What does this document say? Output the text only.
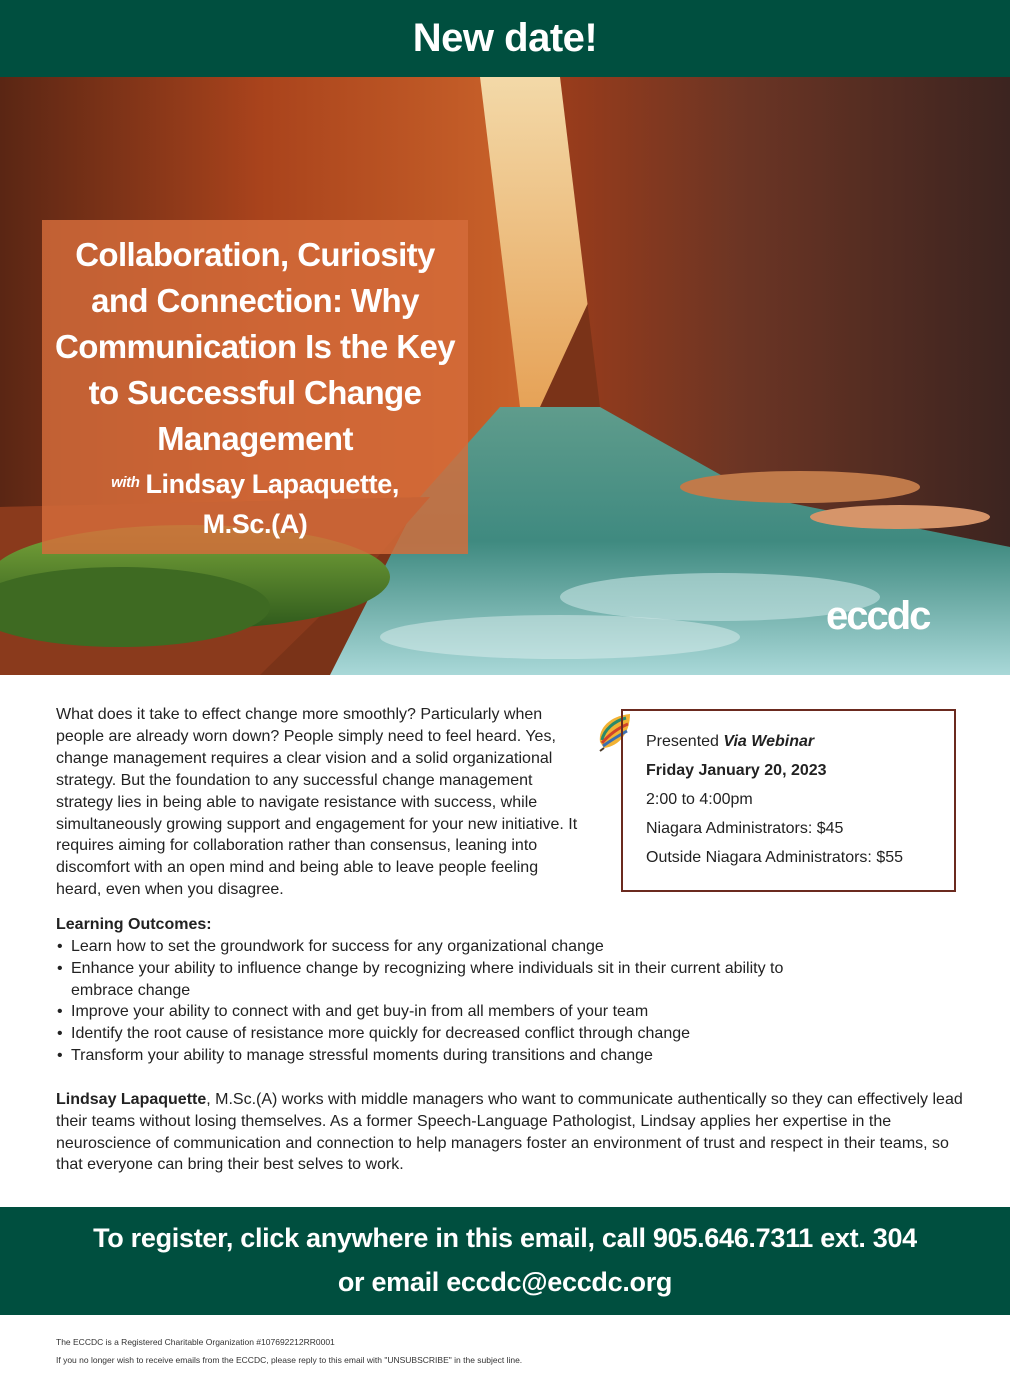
New date!
Collaboration, Curiosity and Connection: Why Communication Is the Key to Successful Change Management
$^{with}$ Lindsay Lapaquette,
M.Sc.(A)
eccdc
What does it take to effect change more smoothly? Particularly when people are already worn down? People simply need to feel heard. Yes, change management requires a clear vision and a solid organizational strategy. But the foundation to any successful change management strategy lies in being able to navigate resistance with success, while simultaneously growing support and engagement for your new initiative. It requires aiming for collaboration rather than consensus, leaning into discomfort with an open mind and being able to leave people feeling heard, even when you disagree.
Presented Via Webinar
Friday January 20, 2023
2:00 to 4:00pm
Niagara Administrators: $45
Outside Niagara Administrators: $55
Learning Outcomes:
• Learn how to set the groundwork for success for any organizational change
• Enhance your ability to influence change by recognizing where individuals sit in their current ability to embrace change
• Improve your ability to connect with and get buy-in from all members of your team
• Identify the root cause of resistance more quickly for decreased conflict through change
• Transform your ability to manage stressful moments during transitions and change
Lindsay Lapaquette, M.Sc.(A) works with middle managers who want to communicate authentically so they can effectively lead their teams without losing themselves. As a former Speech-Language Pathologist, Lindsay applies her expertise in the neuroscience of communication and connection to help managers foster an environment of trust and respect in their teams, so that everyone can bring their best selves to work.
To register, click anywhere in this email, call 905.646.7311 ext. 304
or email eccdc@eccdc.org
The ECCDC is a Registered Charitable Organization #107692212RR0001
If you no longer wish to receive emails from the ECCDC, please reply to this email with "UNSUBSCRIBE" in the subject line.
